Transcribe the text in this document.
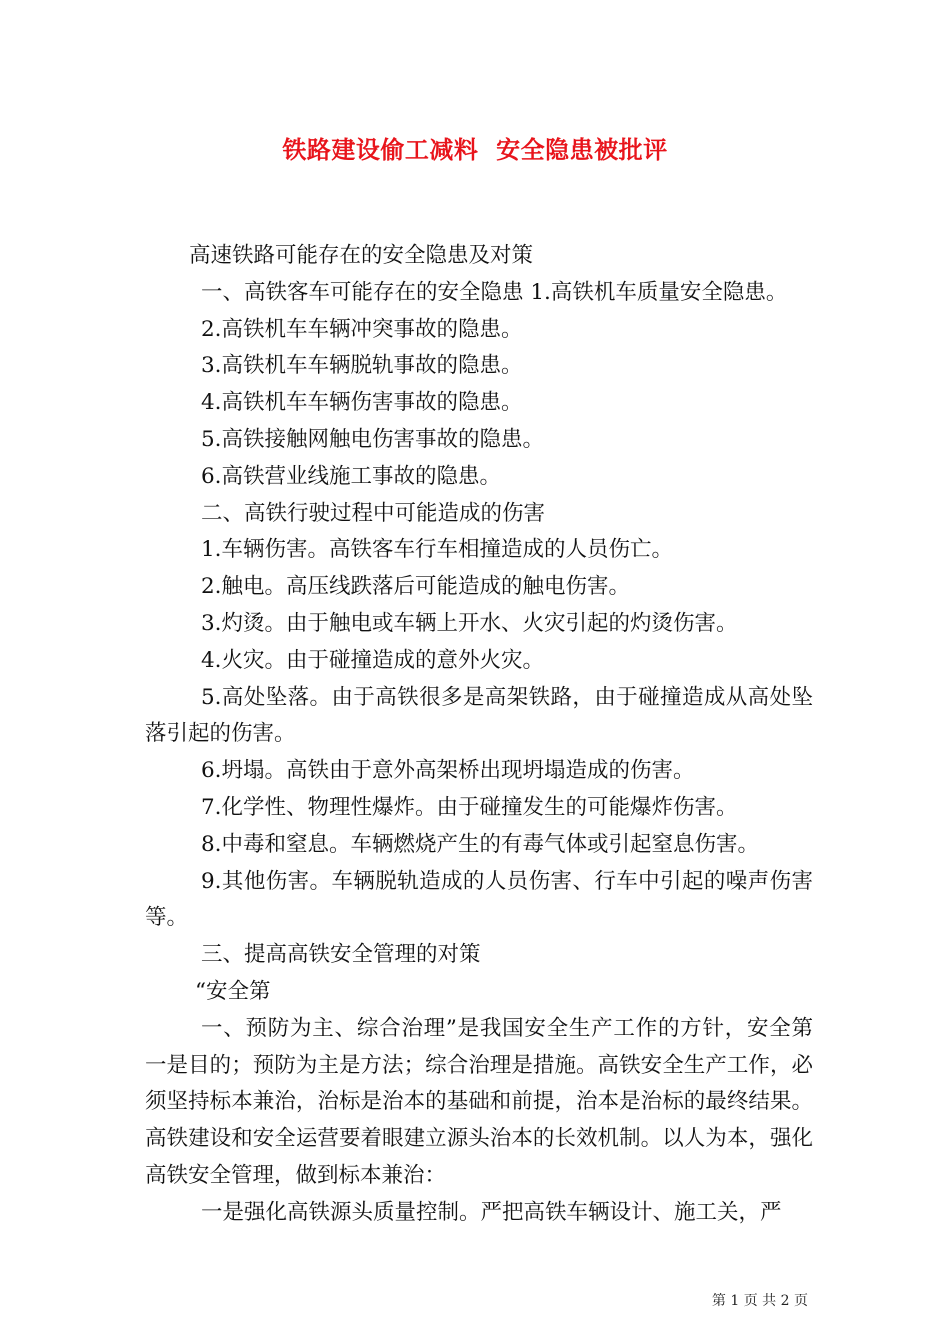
铁路建设偷工减料  安全隐患被批评

高速铁路可能存在的安全隐患及对策

一、高铁客车可能存在的安全隐患 1.高铁机车质量安全隐患。

2.高铁机车车辆冲突事故的隐患。

3.高铁机车车辆脱轨事故的隐患。

4.高铁机车车辆伤害事故的隐患。

5.高铁接触网触电伤害事故的隐患。

6.高铁营业线施工事故的隐患。

二、高铁行驶过程中可能造成的伤害

1.车辆伤害。高铁客车行车相撞造成的人员伤亡。

2.触电。高压线跌落后可能造成的触电伤害。

3.灼烫。由于触电或车辆上开水、火灾引起的灼烫伤害。

4.火灾。由于碰撞造成的意外火灾。

5.高处坠落。由于高铁很多是高架铁路，由于碰撞造成从高处坠落引起的伤害。

6.坍塌。高铁由于意外高架桥出现坍塌造成的伤害。

7.化学性、物理性爆炸。由于碰撞发生的可能爆炸伤害。

8.中毒和窒息。车辆燃烧产生的有毒气体或引起窒息伤害。

9.其他伤害。车辆脱轨造成的人员伤害、行车中引起的噪声伤害等。

三、提高高铁安全管理的对策

“安全第

一、预防为主、综合治理”是我国安全生产工作的方针，安全第一是目的；预防为主是方法；综合治理是措施。高铁安全生产工作，必须坚持标本兼治，治标是治本的基础和前提，治本是治标的最终结果。高铁建设和安全运营要着眼建立源头治本的长效机制。以人为本，强化高铁安全管理，做到标本兼治：

一是强化高铁源头质量控制。严把高铁车辆设计、施工关，严

第 1 页 共 2 页
